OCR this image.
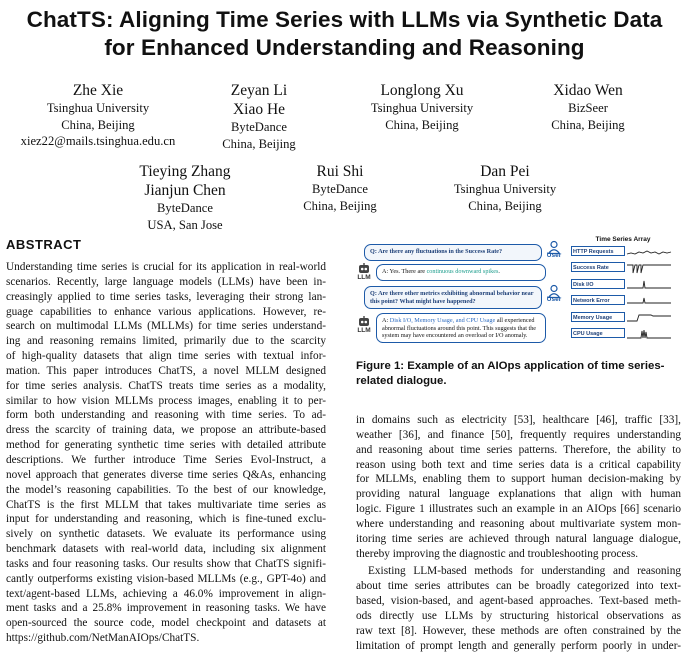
ChatTS: Aligning Time Series with LLMs via Synthetic Data
for Enhanced Understanding and Reasoning
Zhe Xie
Tsinghua University
China, Beijing
xiez22@mails.tsinghua.edu.cn
Zeyan Li
Xiao He
ByteDance
China, Beijing
Longlong Xu
Tsinghua University
China, Beijing
Xidao Wen
BizSeer
China, Beijing
Tieying Zhang
Jianjun Chen
ByteDance
USA, San Jose
Rui Shi
ByteDance
China, Beijing
Dan Pei
Tsinghua University
China, Beijing
ABSTRACT
Understanding time series is crucial for its application in real-world
scenarios. Recently, large language models (LLMs) have been in-
creasingly applied to time series tasks, leveraging their strong lan-
guage capabilities to enhance various applications. However, re-
search on multimodal LLMs (MLLMs) for time series understand-
ing and reasoning remains limited, primarily due to the scarcity
of high-quality datasets that align time series with textual infor-
mation. This paper introduces ChatTS, a novel MLLM designed
for time series analysis. ChatTS treats time series as a modality,
similar to how vision MLLMs process images, enabling it to per-
form both understanding and reasoning with time series. To ad-
dress the scarcity of training data, we propose an attribute-based
method for generating synthetic time series with detailed attribute
descriptions. We further introduce Time Series Evol-Instruct, a
novel approach that generates diverse time series Q&As, enhancing
the model’s reasoning capabilities. To the best of our knowledge,
ChatTS is the first MLLM that takes multivariate time series as
input for understanding and reasoning, which is fine-tuned exclu-
sively on synthetic datasets. We evaluate its performance using
benchmark datasets with real-world data, including six alignment
tasks and four reasoning tasks. Our results show that ChatTS signifi-
cantly outperforms existing vision-based MLLMs (e.g., GPT-4o) and
text/agent-based LLMs, achieving a 46.0% improvement in align-
ment tasks and a 25.8% improvement in reasoning tasks. We have
open-sourced the source code, model checkpoint and datasets at
https://github.com/NetManAIOps/ChatTS.
Q: Are there any fluctuations in the Success Rate?
User
LLM
A: Yes. There are continuous downward spikes.
Q: Are there other metrics exhibiting abnormal behavior near this point? What might have happened?	User
LLM
A: Disk I/O, Memory Usage, and CPU Usage all experienced abnormal fluctuations around this point. This suggests that the system may have encountered an overload or I/O anomaly.
Time Series Array
HTTP Requests
Success Rate
Disk I/O
Network Error
Memory Usage
CPU Usage
Figure 1: Example of an AIOps application of time series-
related dialogue.
in domains such as electricity [53], healthcare [46], traffic [33],
weather [36], and finance [50], frequently requires understanding
and reasoning about time series patterns. Therefore, the ability to
reason using both text and time series data is a critical capability
for MLLMs, enabling them to support human decision-making by
providing natural language explanations that align with human
logic. Figure 1 illustrates such an example in an AIOps [66] scenario
where understanding and reasoning about multivariate system mon-
itoring time series are achieved through natural language dialogue,
thereby improving the diagnostic and troubleshooting process.
Existing LLM-based methods for understanding and reasoning
about time series attributes can be broadly categorized into text-
based, vision-based, and agent-based approaches. Text-based meth-
ods directly use LLMs by structuring historical observations as
raw text [8]. However, these methods are often constrained by the
limitation of prompt length and generally perform poorly in under-
